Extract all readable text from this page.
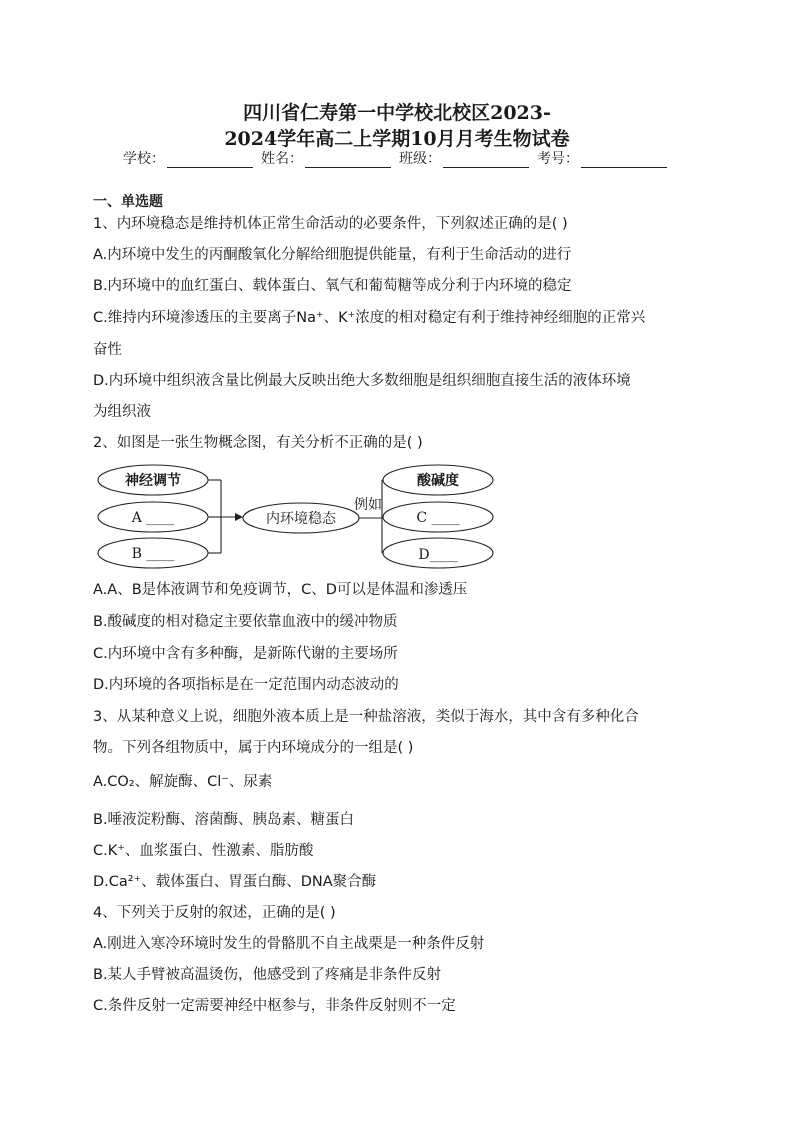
四川省仁寿第一中学校北校区2023-
2024学年高二上学期10月月考生物试卷
学校：	姓名：	班级：	考号：
一、单选题
1、内环境稳态是维持机体正常生命活动的必要条件，下列叙述正确的是( )
A.内环境中发生的丙酮酸氧化分解给细胞提供能量，有利于生命活动的进行
B.内环境中的血红蛋白、载体蛋白、氧气和葡萄糖等成分利于内环境的稳定
C.维持内环境渗透压的主要离子Na⁺、K⁺浓度的相对稳定有利于维持神经细胞的正常兴
奋性
D.内环境中组织液含量比例最大反映出绝大多数细胞是组织细胞直接生活的液体环境
为组织液
2、如图是一张生物概念图，有关分析不正确的是( )
神经调节
A ____
B ____
内环境稳态
例如
酸碱度
C ____
D____
A.A、B是体液调节和免疫调节，C、D可以是体温和渗透压
B.酸碱度的相对稳定主要依靠血液中的缓冲物质
C.内环境中含有多种酶，是新陈代谢的主要场所
D.内环境的各项指标是在一定范围内动态波动的
3、从某种意义上说，细胞外液本质上是一种盐溶液，类似于海水，其中含有多种化合
物。下列各组物质中，属于内环境成分的一组是( )
A.CO₂、解旋酶、Cl⁻、尿素
B.唾液淀粉酶、溶菌酶、胰岛素、糖蛋白
C.K⁺、血浆蛋白、性激素、脂肪酸
D.Ca²⁺、载体蛋白、胃蛋白酶、DNA聚合酶
4、下列关于反射的叙述，正确的是( )
A.刚进入寒冷环境时发生的骨骼肌不自主战栗是一种条件反射
B.某人手臂被高温烫伤，他感受到了疼痛是非条件反射
C.条件反射一定需要神经中枢参与，非条件反射则不一定
